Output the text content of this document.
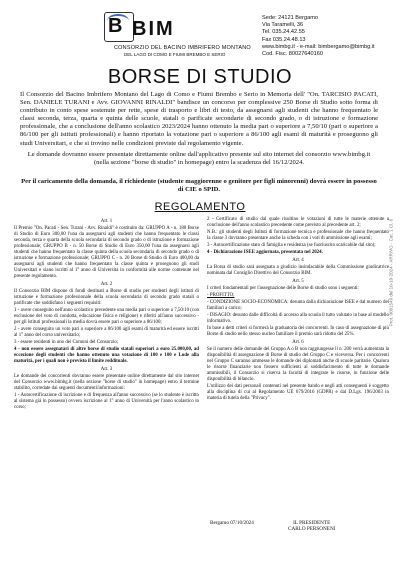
B BIM
CONSORZIO DEL BACINO IMBRIFERO MONTANO
DEL LAGO DI COMO E FIUMI BREMBO E SERIO
Sede: 24121 Bergamo
Via Taramelli, 36
Tel. 035.24.42.55
Fax 035.24.48.13
www.bimbg.it - e-mail: bimbergamo@bimbg.it
Cod. Fisc. 80027640160
BORSE DI STUDIO
Il Consorzio del Bacino Imbrifero Montano del Lago di Como e Fiumi Brembo e Serio in Memoria dell' "On. TARCISIO PACATI, Sen. DANIELE TURANI e Avv. GIOVANNI RINALDI" bandisce un concorso per complessive 250 Borse di Studio sotto forma di contributo in conto spese sostenute per rette, spese di trasporto e libri di testo, da assegnarsi agli studenti che hanno frequentato le classi seconda, terza, quarta e quinta delle scuole, statali o parificate secondarie di secondo grado, o di istruzione e formazione professionale, che a conclusione dell'anno scolastico 2023/2024 hanno ottenuto la media pari o superiore a 7,50/10 (pari o superiore a 86/100 per gli istituti professionali) e hanno riportato la votazione pari o superiore a 86/100 agli esami di maturità e proseguono gli studi Universitari, e che si trovino nelle condizioni previste dal regolamento vigente.
Le domande dovranno essere presentate direttamente online dall'applicativo presente sul sito internet del consorzio www.bimbg.it (nella sezione "borse di studio" in homepage) entro la scadenza del 16/12/2024.
Per il caricamento della domanda, il richiedente (studente maggiorenne o genitore per figli minorenni) dovrà essere in possesso di CIE o SPID.
REGOLAMENTO
Art. 1

Il Premio "On. Pacati - Sen. Turani - Avv. Rinaldi" è costituito da: GRUPPO A - n. 180 Borse di Studio di Euro 300,00 l'una da assegnarsi agli studenti che hanno frequentato le classi seconda, terza e quarta della scuola secondaria di secondo grado o di istruzione e formazione professionale; GRUPPO B - n. 50 Borse di Studio di Euro 350,00 l'una da assegnarsi agli studenti che hanno frequentato la classe quinta della scuola secondaria di secondo grado o di istruzione e formazione professionale; GRUPPO C - n. 20 Borse di Studio di Euro 400,00 da assegnarsi agli studenti che hanno frequentato la classe quinta e proseguono gli studi Universitari e siano iscritti al 1° anno di Università in conformità alle norme contenute nel presente regolamento.

Art. 2

Il Consorzio BIM dispone di fondi destinati a Borse di studio per studenti degli istituti di istruzione e formazione professionale della scuola secondaria di secondo grado statali o parificate che soddisfano i seguenti requisiti:

1 - avere conseguito nell'anno scolastico precedente una media pari o superiore a 7,50/10 (con esclusione del voto di condotta, educazione fisica e religione) e riferiti all'anno successivo - per gli istituti professionali la media dovrà essere pari o superiore a 86/100;

2 - avere conseguito un voto pari o superiore a 86/100 agli esami di maturità ed essere iscritti al 1° anno del corso universitario;

3 - essere residenti in uno dei Comuni del Consorzio;

4 - non essere assegnatari di altre borse di studio statali superiori a euro 25.000,00, ad eccezione degli studenti che hanno ottenuto una votazione di 100 e 100 e Lode alla maturità, per i quali non è previsto il limite reddituale.

Art. 3

Le domande dei concorrenti dovranno essere presentate online direttamente dal sito internet del Consorzio www.bimbg.it (nella sezione "borse di studio" in homepage) entro il termine stabilito, corredate dai seguenti documenti/informazioni:

1 - Autocertificazione di iscrizione e di frequenza all'anno successivo (se lo studente è iscritto al sistema già in possesso) ovvero iscrizione al 1° anno di Università per l'anno scolastico in corso;

2 - Certificato di studio dal quale risultino le votazioni di tutte le materie ottenute a conclusione dell'anno scolastico precedente come previsto al precedente art. 2;

N.B.: gli studenti degli Istituti di formazione tecnica e professionale che hanno frequentato la classe 3 dovranno presentare anche la scheda con i voti di ammissione agli esami;

3 - Autocertificazione stato di famiglia e residenza (se fuoriuscito scaricabile dal sito);

4 - Dichiarazione ISEE aggiornata, presentata nel 2024.

Art. 4

La Borsa di studio sarà assegnata a giudizio insindacabile della Commissione giudicatrice nominata dal Consiglio Direttivo del Consorzio BIM.

Art. 5

I criteri fondamentali per l'assegnazione delle Borse di studio sono i seguenti:

- PROFITTO;

- CONDIZIONE SOCIO-ECONOMICA: desunta dalla dichiarazione ISEE e dal numero dei familiari a carico;

- DISAGIO: desunto dalle difficoltà di accesso alla scuola il tutto valutato in base al modello informativo.

In base a detti criteri si formerà la graduatoria dei concorrenti. In caso di assegnazione di più Borse di studio nello stesso nucleo familiare il premio sarà ridotto del 25%.

Art. 6

Se il numero delle domande del Gruppo A o B non raggiungesse il n. 200 verrà aumentata la disponibilità di assegnazione di Borse di studio del Gruppo C e viceversa. Per i concorrenti nel Gruppo C saranno ammesse le domande dei diplomati anche di scuole paritarie. Qualora le risorse finanziarie non fossero sufficienti al soddisfacimento di tutte le domande ammissibili, il Consorzio si riserva la facoltà di integrare le risorse, in funzione delle disponibilità di bilancio.

L'utilizzo dei dati personali contenuti nel presente bando e negli atti conseguenti è soggetto alla disciplina di cui al Regolamento UE 679/2016 (GDPR) e dal D.Lgs. 196/2003 in materia di tutela della "Privacy".

Bergamo 07/10/2024	IL PRESIDENTE
CARLO PERSONENI
Prot. 0001549 del 10-10-2024 - ARRIVO - Cat. 1 Cl. 6
